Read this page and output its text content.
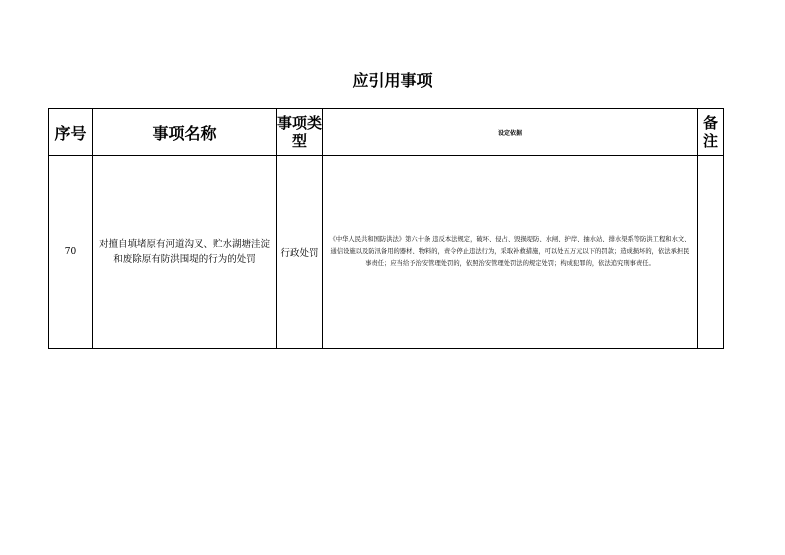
应引用事项
序号	事项名称	事项类型	设定依据	备注
70	对擅自填堵原有河道沟叉、贮水湖塘洼淀和废除原有防洪围堤的行为的处罚	行政处罚	《中华人民共和国防洪法》第六十条 违反本法规定，破坏、侵占、毁损堤防、水闸、护岸、抽水站、排水渠系等防洪工程和水文、通信设施以及防汛备用的器材、物料的，责令停止违法行为，采取补救措施，可以处五万元以下的罚款；造成损坏的，依法承担民事责任；应当给予治安管理处罚的，依照治安管理处罚法的规定处罚；构成犯罪的，依法追究刑事责任。	
